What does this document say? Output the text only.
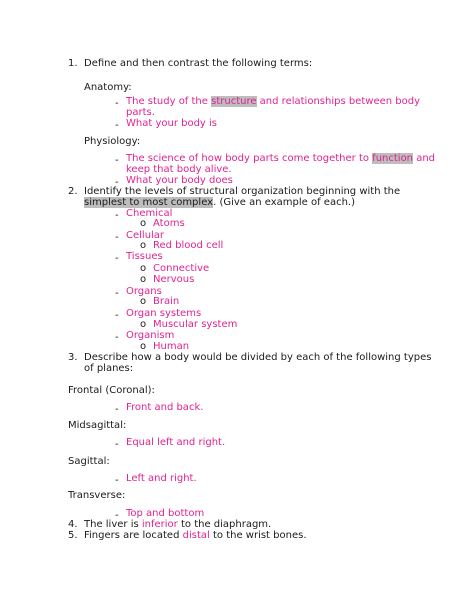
1. Define and then contrast the following terms:
Anatomy:
- The study of the structure and relationships between body
parts.
- What your body is
Physiology:
- The science of how body parts come together to function and
keep that body alive.
- What your body does
2. Identify the levels of structural organization beginning with the
simplest to most complex. (Give an example of each.)
- Chemical
o Atoms
- Cellular
o Red blood cell
- Tissues
o Connective
o Nervous
- Organs
o Brain
- Organ systems
o Muscular system
- Organism
o Human
3. Describe how a body would be divided by each of the following types
of planes:
Frontal (Coronal):
- Front and back.
Midsagittal:
- Equal left and right.
Sagittal:
- Left and right.
Transverse:
- Top and bottom
4. The liver is inferior to the diaphragm.
5. Fingers are located distal to the wrist bones.
